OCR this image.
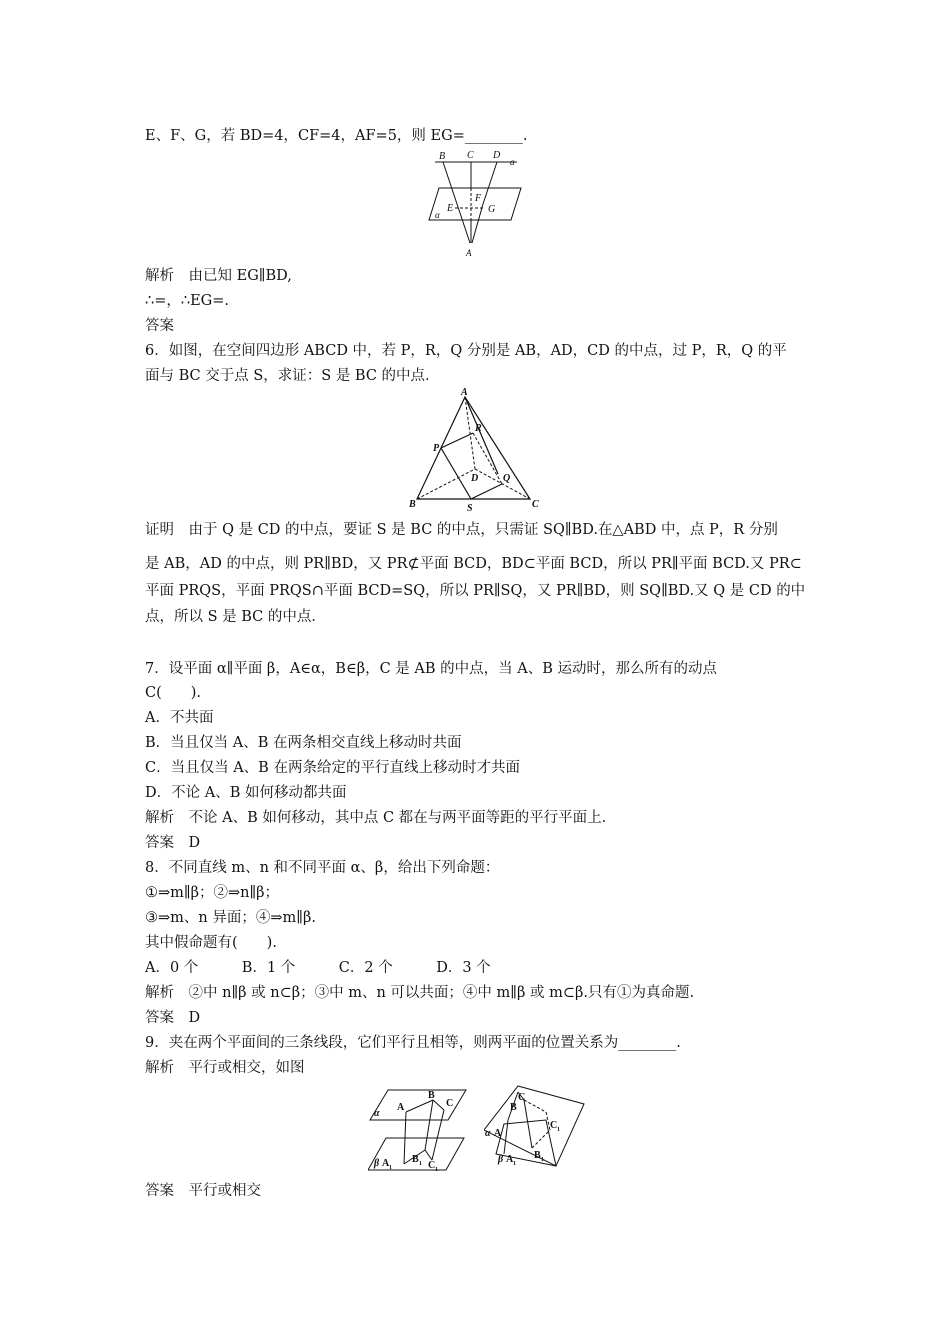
E、F、G，若 BD=4，CF=4，AF=5，则 EG=________.
解析　由已知 EG∥BD,
∴=，∴EG=.
答案
6．如图，在空间四边形 ABCD 中，若 P，R，Q 分别是 AB，AD，CD 的中点，过 P，R，Q 的平
面与 BC 交于点 S，求证：S 是 BC 的中点．
证明　由于 Q 是 CD 的中点，要证 S 是 BC 的中点，只需证 SQ∥BD.在△ABD 中，点 P，R 分别
是 AB，AD 的中点，则 PR∥BD，又 PR⊄平面 BCD，BD⊂平面 BCD，所以 PR∥平面 BCD.又 PR⊂
平面 PRQS，平面 PRQS∩平面 BCD=SQ，所以 PR∥SQ，又 PR∥BD，则 SQ∥BD.又 Q 是 CD 的中
点，所以 S 是 BC 的中点．
7．设平面 α∥平面 β，A∈α，B∈β，C 是 AB 的中点，当 A、B 运动时，那么所有的动点
C(　　).
A．不共面
B．当且仅当 A、B 在两条相交直线上移动时共面
C．当且仅当 A、B 在两条给定的平行直线上移动时才共面
D．不论 A、B 如何移动都共面
解析　不论 A、B 如何移动，其中点 C 都在与两平面等距的平行平面上．
答案　D
8．不同直线 m、n 和不同平面 α、β，给出下列命题：
①⇒m∥β；②⇒n∥β；
③⇒m、n 异面；④⇒m∥β.
其中假命题有(　　).
A．0 个　　　B．1 个　　　C．2 个　　　D．3 个
解析　②中 n∥β 或 n⊂β；③中 m、n 可以共面；④中 m∥β 或 m⊂β.只有①为真命题.
答案　D
9．夹在两个平面间的三条线段，它们平行且相等，则两平面的位置关系为________.
解析　平行或相交，如图
答案　平行或相交
B C D
a
E
F
G
α
A
A
R
P
D Q
B	S	C
α
A
B
C
β A 1
B 1 C 1
α A
B
C
C 1
β A 1
B 1
